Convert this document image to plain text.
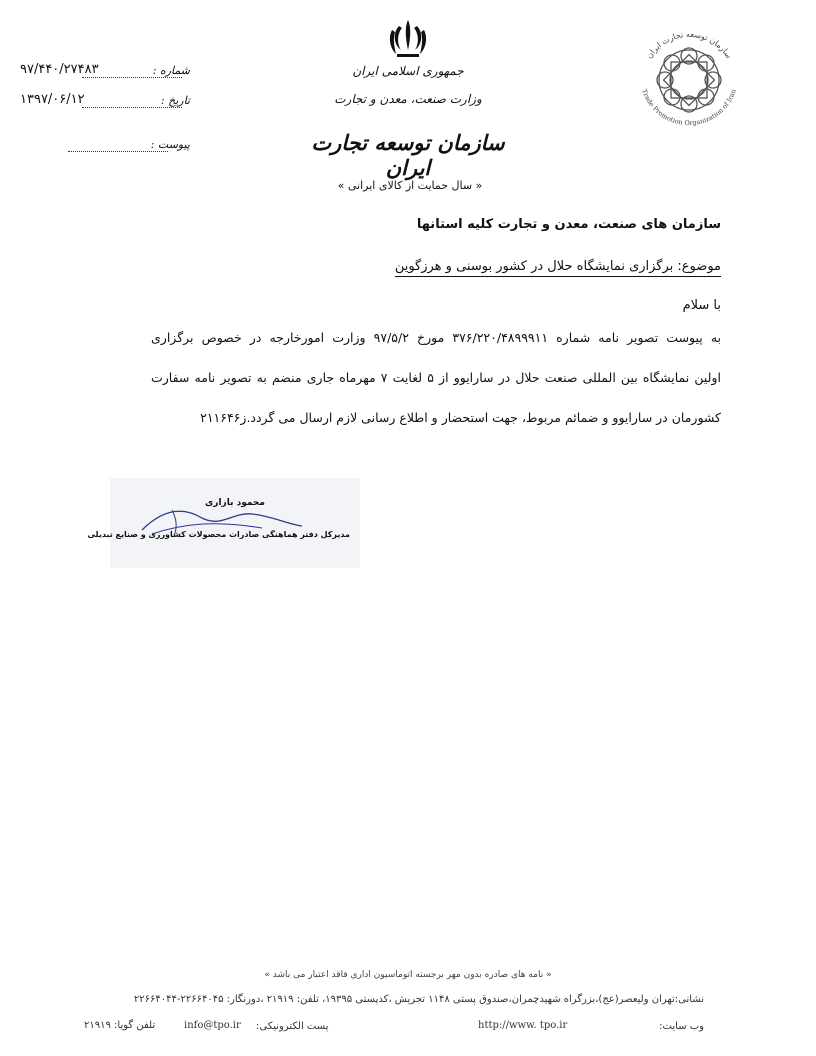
۹۷/۴۴۰/۲۷۴۸۳	شماره :
۱۳۹۷/۰۶/۱۲	تاریخ :
پیوست :
جمهوری اسلامی ایران
وزارت صنعت، معدن و تجارت
سازمان توسعه تجارت ایران
سازمان توسعه تجارت ایران
Trade Promotion Organization of Iran
« سال حمایت از کالای ایرانی »
سازمان های صنعت، معدن و تجارت کلیه استانها
موضوع: برگزاری نمایشگاه حلال در کشور بوسنی و هرزگوین
با سلام
به پیوست تصویر نامه شماره ۳۷۶/۲۲۰/۴۸۹۹۹۱۱ مورخ ۹۷/۵/۲ وزارت امورخارجه در خصوص برگزاری
اولین نمایشگاه بین المللی صنعت حلال در سارایوو از ۵ لغایت ۷ مهرماه جاری منضم به تصویر نامه سفارت
کشورمان در سارایوو و ضمائم مربوط، جهت استحضار و اطلاع رسانی لازم ارسال می گردد.ز۲۱۱۶۴۶
محمود بازاری
مدیرکل دفتر هماهنگی صادرات محصولات کشاورزی و صنایع تبدیلی
« نامه های صادره بدون مهر برجسته اتوماسیون اداری فاقد اعتبار می باشد »
نشانی:تهران ولیعصر(عج)،بزرگراه شهیدچمران،صندوق پستی ۱۱۴۸ تجریش ،کدپستی ۱۹۳۹۵، تلفن: ۲۱۹۱۹ ،دورنگار: ۲۲۶۶۴۰۴۵-۲۲۶۶۴۰۴۴
وب سایت:
http://www. tpo.ir
پست الکترونیکی:
info@tpo.ir
تلفن گویا: ۲۱۹۱۹
